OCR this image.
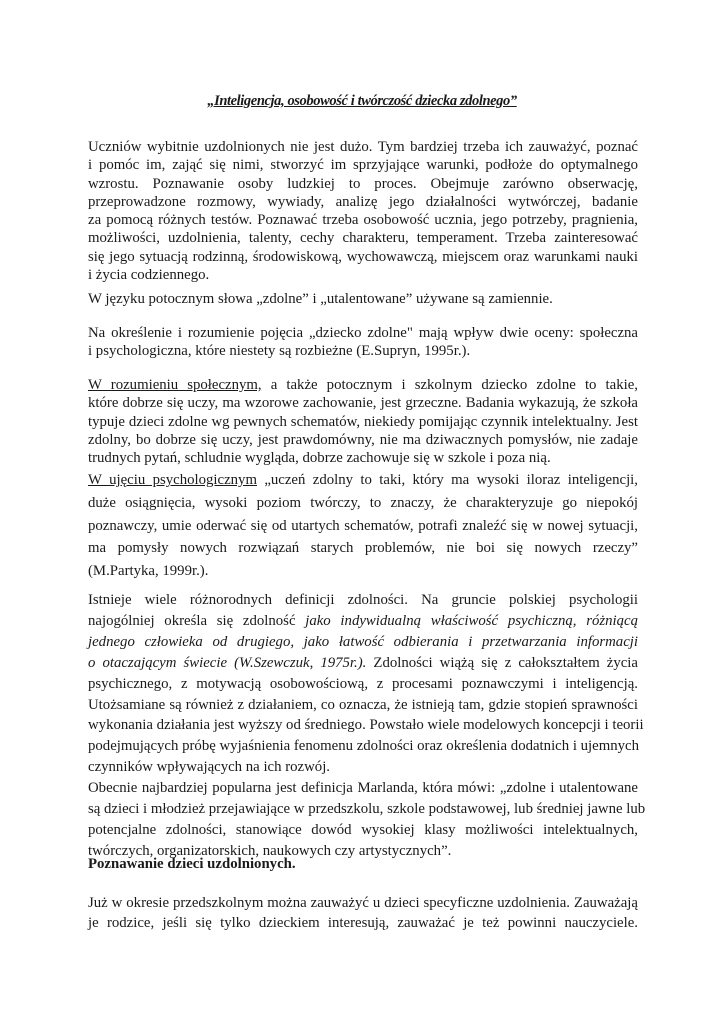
„Inteligencja, osobowość i twórczość dziecka zdolnego”
Uczniów wybitnie uzdolnionych nie jest dużo. Tym bardziej trzeba ich zauważyć, poznać
i pomóc im, zająć się nimi, stworzyć im sprzyjające warunki, podłoże do optymalnego
wzrostu. Poznawanie osoby ludzkiej to proces. Obejmuje zarówno obserwację,
przeprowadzone rozmowy, wywiady, analizę jego działalności wytwórczej, badanie
za pomocą różnych testów. Poznawać trzeba osobowość ucznia, jego potrzeby, pragnienia,
możliwości, uzdolnienia, talenty, cechy charakteru, temperament. Trzeba zainteresować
się jego sytuacją rodzinną, środowiskową, wychowawczą, miejscem oraz warunkami nauki
i życia codziennego.
W języku potocznym słowa „zdolne” i „utalentowane” używane są zamiennie.
Na określenie i rozumienie pojęcia „dziecko zdolne" mają wpływ dwie oceny: społeczna
i psychologiczna, które niestety są rozbieżne (E.Supryn, 1995r.).
W rozumieniu społecznym, a także potocznym i szkolnym dziecko zdolne to takie,
które dobrze się uczy, ma wzorowe zachowanie, jest grzeczne. Badania wykazują, że szkoła
typuje dzieci zdolne wg pewnych schematów, niekiedy pomijając czynnik intelektualny. Jest
zdolny, bo dobrze się uczy, jest prawdomówny, nie ma dziwacznych pomysłów, nie zadaje
trudnych pytań, schludnie wygląda, dobrze zachowuje się w szkole i poza nią.
W ujęciu psychologicznym „uczeń zdolny to taki, który ma wysoki iloraz inteligencji,
duże osiągnięcia, wysoki poziom twórczy, to znaczy, że charakteryzuje go niepokój
poznawczy, umie oderwać się od utartych schematów, potrafi znaleźć się w nowej sytuacji,
ma pomysły nowych rozwiązań starych problemów, nie boi się nowych rzeczy”
(M.Partyka, 1999r.).
Istnieje wiele różnorodnych definicji zdolności. Na gruncie polskiej psychologii
najogólniej określa się zdolność jako indywidualną właściwość psychiczną, różniącą
jednego człowieka od drugiego, jako łatwość odbierania i przetwarzania informacji
o otaczającym świecie (W.Szewczuk, 1975r.). Zdolności wiążą się z całokształtem życia
psychicznego, z motywacją osobowościową, z procesami poznawczymi i inteligencją.
Utożsamiane są również z działaniem, co oznacza, że istnieją tam, gdzie stopień sprawności
wykonania działania jest wyższy od średniego. Powstało wiele modelowych koncepcji i teorii
podejmujących próbę wyjaśnienia fenomenu zdolności oraz określenia dodatnich i ujemnych
czynników wpływających na ich rozwój.
Obecnie najbardziej popularna jest definicja Marlanda, która mówi: „zdolne i utalentowane
są dzieci i młodzież przejawiające w przedszkolu, szkole podstawowej, lub średniej jawne lub
potencjalne zdolności, stanowiące dowód wysokiej klasy możliwości intelektualnych,
twórczych, organizatorskich, naukowych czy artystycznych”.
Poznawanie dzieci uzdolnionych.
Już w okresie przedszkolnym można zauważyć u dzieci specyficzne uzdolnienia. Zauważają
je rodzice, jeśli się tylko dzieckiem interesują, zauważać je też powinni nauczyciele.
